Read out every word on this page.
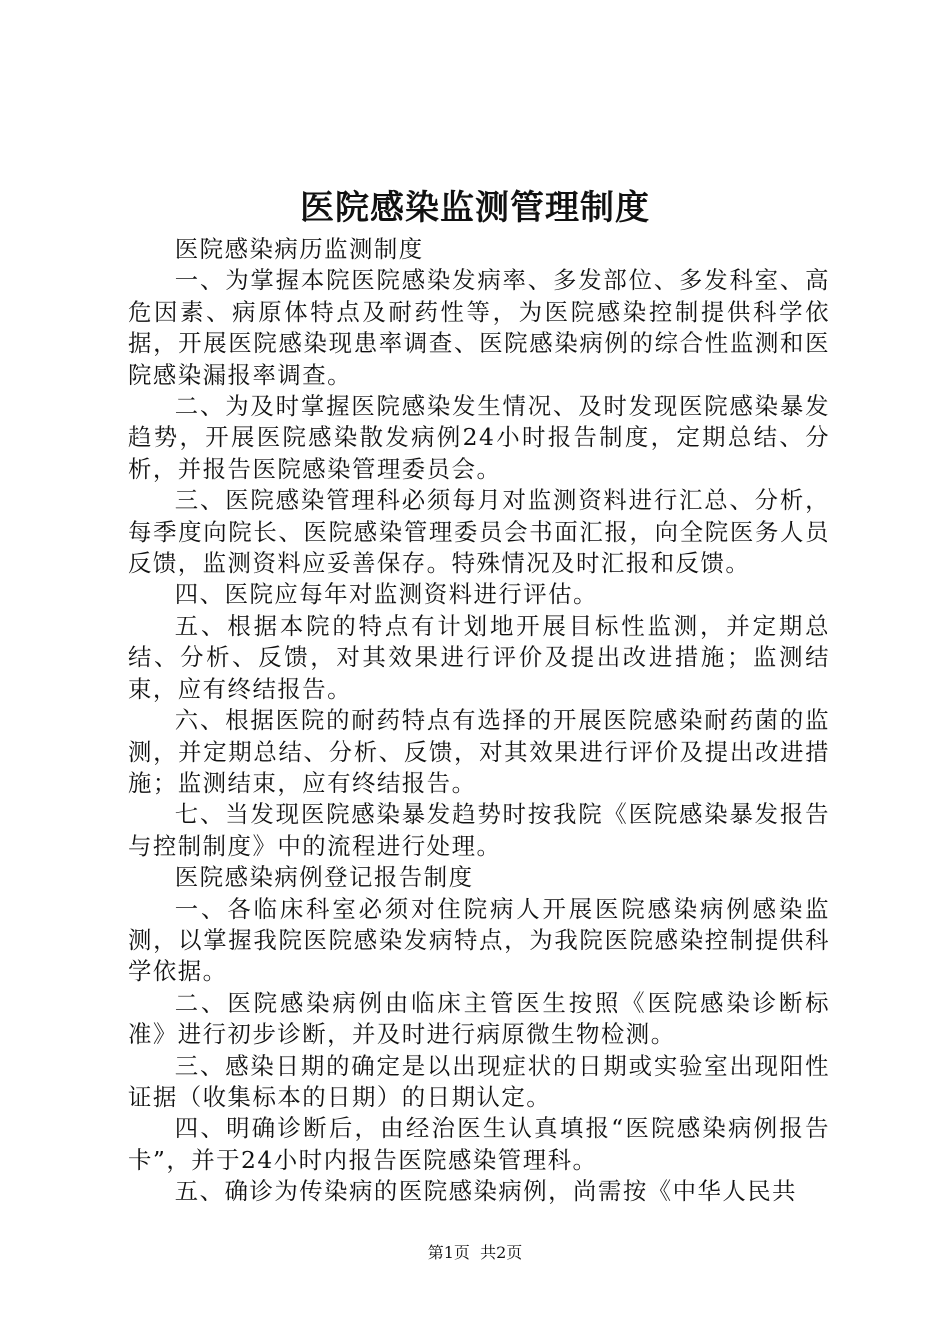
医院感染监测管理制度

医院感染病历监测制度

一、为掌握本院医院感染发病率、多发部位、多发科室、高危因素、病原体特点及耐药性等，为医院感染控制提供科学依据，开展医院感染现患率调查、医院感染病例的综合性监测和医院感染漏报率调查。

二、为及时掌握医院感染发生情况、及时发现医院感染暴发趋势，开展医院感染散发病例24小时报告制度，定期总结、分析，并报告医院感染管理委员会。

三、医院感染管理科必须每月对监测资料进行汇总、分析，每季度向院长、医院感染管理委员会书面汇报，向全院医务人员反馈，监测资料应妥善保存。特殊情况及时汇报和反馈。

四、医院应每年对监测资料进行评估。

五、根据本院的特点有计划地开展目标性监测，并定期总结、分析、反馈，对其效果进行评价及提出改进措施；监测结束，应有终结报告。

六、根据医院的耐药特点有选择的开展医院感染耐药菌的监测，并定期总结、分析、反馈，对其效果进行评价及提出改进措施；监测结束，应有终结报告。

七、当发现医院感染暴发趋势时按我院《医院感染暴发报告与控制制度》中的流程进行处理。

医院感染病例登记报告制度

一、各临床科室必须对住院病人开展医院感染病例感染监测，以掌握我院医院感染发病特点，为我院医院感染控制提供科学依据。

二、医院感染病例由临床主管医生按照《医院感染诊断标准》进行初步诊断，并及时进行病原微生物检测。

三、感染日期的确定是以出现症状的日期或实验室出现阳性证据（收集标本的日期）的日期认定。

四、明确诊断后，由经治医生认真填报“医院感染病例报告卡”，并于24小时内报告医院感染管理科。

五、确诊为传染病的医院感染病例，尚需按《中华人民共

第1页  共2页
